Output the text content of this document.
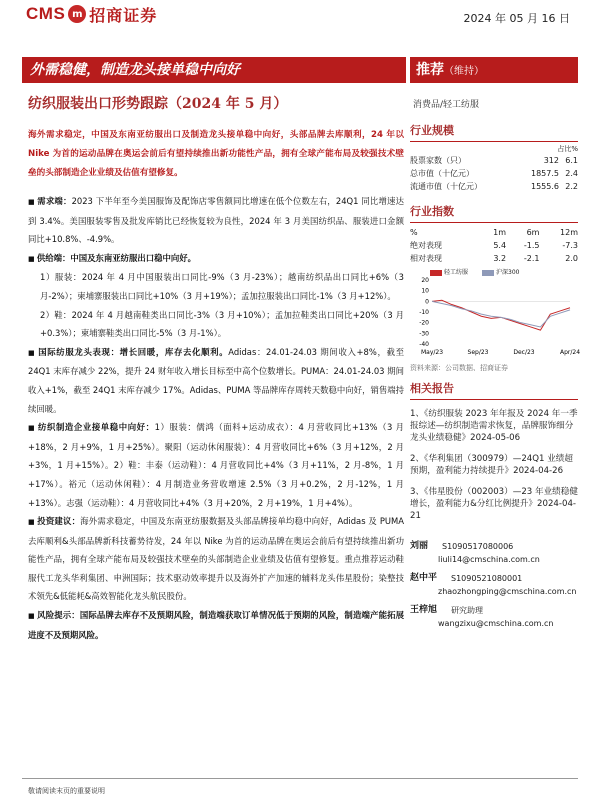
CMS m 招商证券	2024 年 05 月 16 日
外需稳健，制造龙头接单稳中向好	推荐（维持）
纺织服装出口形势跟踪（2024 年 5 月）	消费品/轻工纺服
海外需求稳定，中国及东南亚纺服出口及制造龙头接单稳中向好，头部品牌去库顺利，24 年以 Nike 为首的运动品牌在奥运会前后有望持续推出新功能性产品，拥有全球产能布局及较强技术壁垒的头部制造企业业绩及估值有望修复。

■ 需求端：2023 下半年至今美国服饰及配饰店零售额同比增速在低个位数左右，24Q1 同比增速达到 3.4%。美国服装零售及批发库销比已经恢复较为良性，2024 年 3 月美国纺织品、服装进口金额同比+10.8%、-4.9%。

■ 供给端：中国及东南亚纺服出口稳中向好。

1）服装：2024 年 4 月中国服装出口同比-9%（3 月-23%）；越南纺织品出口同比+6%（3 月-2%）；柬埔寨服装出口同比+10%（3 月+19%）；孟加拉服装出口同比-1%（3 月+12%）。

2）鞋：2024 年 4 月越南鞋类出口同比-3%（3 月+10%）；孟加拉鞋类出口同比+20%（3 月+0.3%）；柬埔寨鞋类出口同比-5%（3 月-1%）。

■ 国际纺服龙头表现：增长回暖，库存去化顺利。Adidas：24.01-24.03 期间收入+8%，截至 24Q1 末库存减少 22%，提升 24 财年收入增长目标至中高个位数增长。PUMA：24.01-24.03 期间收入+1%，截至 24Q1 末库存减少 17%。Adidas、PUMA 等品牌库存周转天数稳中向好，销售端持续回暖。

■ 纺织制造企业接单稳中向好：1）服装：儒鸿（面料+运动成衣）：4 月营收同比+13%（3 月+18%，2 月+9%，1 月+25%）。聚阳（运动休闲服装）：4 月营收同比+6%（3 月+12%，2 月+3%，1 月+15%）。2）鞋：丰泰（运动鞋）：4 月营收同比+4%（3 月+11%，2 月-8%，1 月+17%）。裕元（运动休闲鞋）：4 月制造业务营收增速 2.5%（3 月+0.2%，2 月-12%，1 月+13%）。志强（运动鞋）：4 月营收同比+4%（3 月+20%，2 月+19%，1 月+4%）。

■ 投资建议：海外需求稳定，中国及东南亚纺服数据及头部品牌接单均稳中向好，Adidas 及 PUMA 去库顺利&头部品牌新科技蓄势待发，24 年以 Nike 为首的运动品牌在奥运会前后有望持续推出新功能性产品，拥有全球产能布局及较强技术壁垒的头部制造企业业绩及估值有望修复。重点推荐运动鞋服代工龙头华利集团、申洲国际；技术驱动效率提升以及海外扩产加速的辅料龙头伟星股份；染整技术领先&低能耗&高效智能化龙头航民股份。

■ 风险提示：国际品牌去库存不及预期风险，制造端获取订单情况低于预期的风险，制造端产能拓展进度不及预期风险。

行业规模
占比%
股票家数（只）	312	6.1
总市值（十亿元）	1857.5	2.4
流通市值（十亿元）	1555.6	2.2
行业指数
%	1m	6m	12m
绝对表现	5.4	-1.5	-7.3
相对表现	3.2	-2.1	2.0
轻工纺服	沪深300
20
10
0
-10
-20
-30
-40
May/23	Sep/23	Dec/23	Apr/24
资料来源：公司数据、招商证券
相关报告
1、《纺织服装 2023 年年报及 2024 年一季报综述—纺织制造需求恢复，品牌服饰细分龙头业绩稳健》2024-05-06
2、《华利集团（300979）—24Q1 业绩超预期，盈利能力持续提升》2024-04-26
3、《伟星股份（002003）—23 年业绩稳健增长，盈利能力&分红比例提升》2024-04-21
刘丽 S1090517080006
liuli14@cmschina.com.cn
赵中平 S1090521080001
zhaozhongping@cmschina.com.cn
王梓旭 研究助理
wangzixu@cmschina.com.cn
敬请阅读末页的重要说明
